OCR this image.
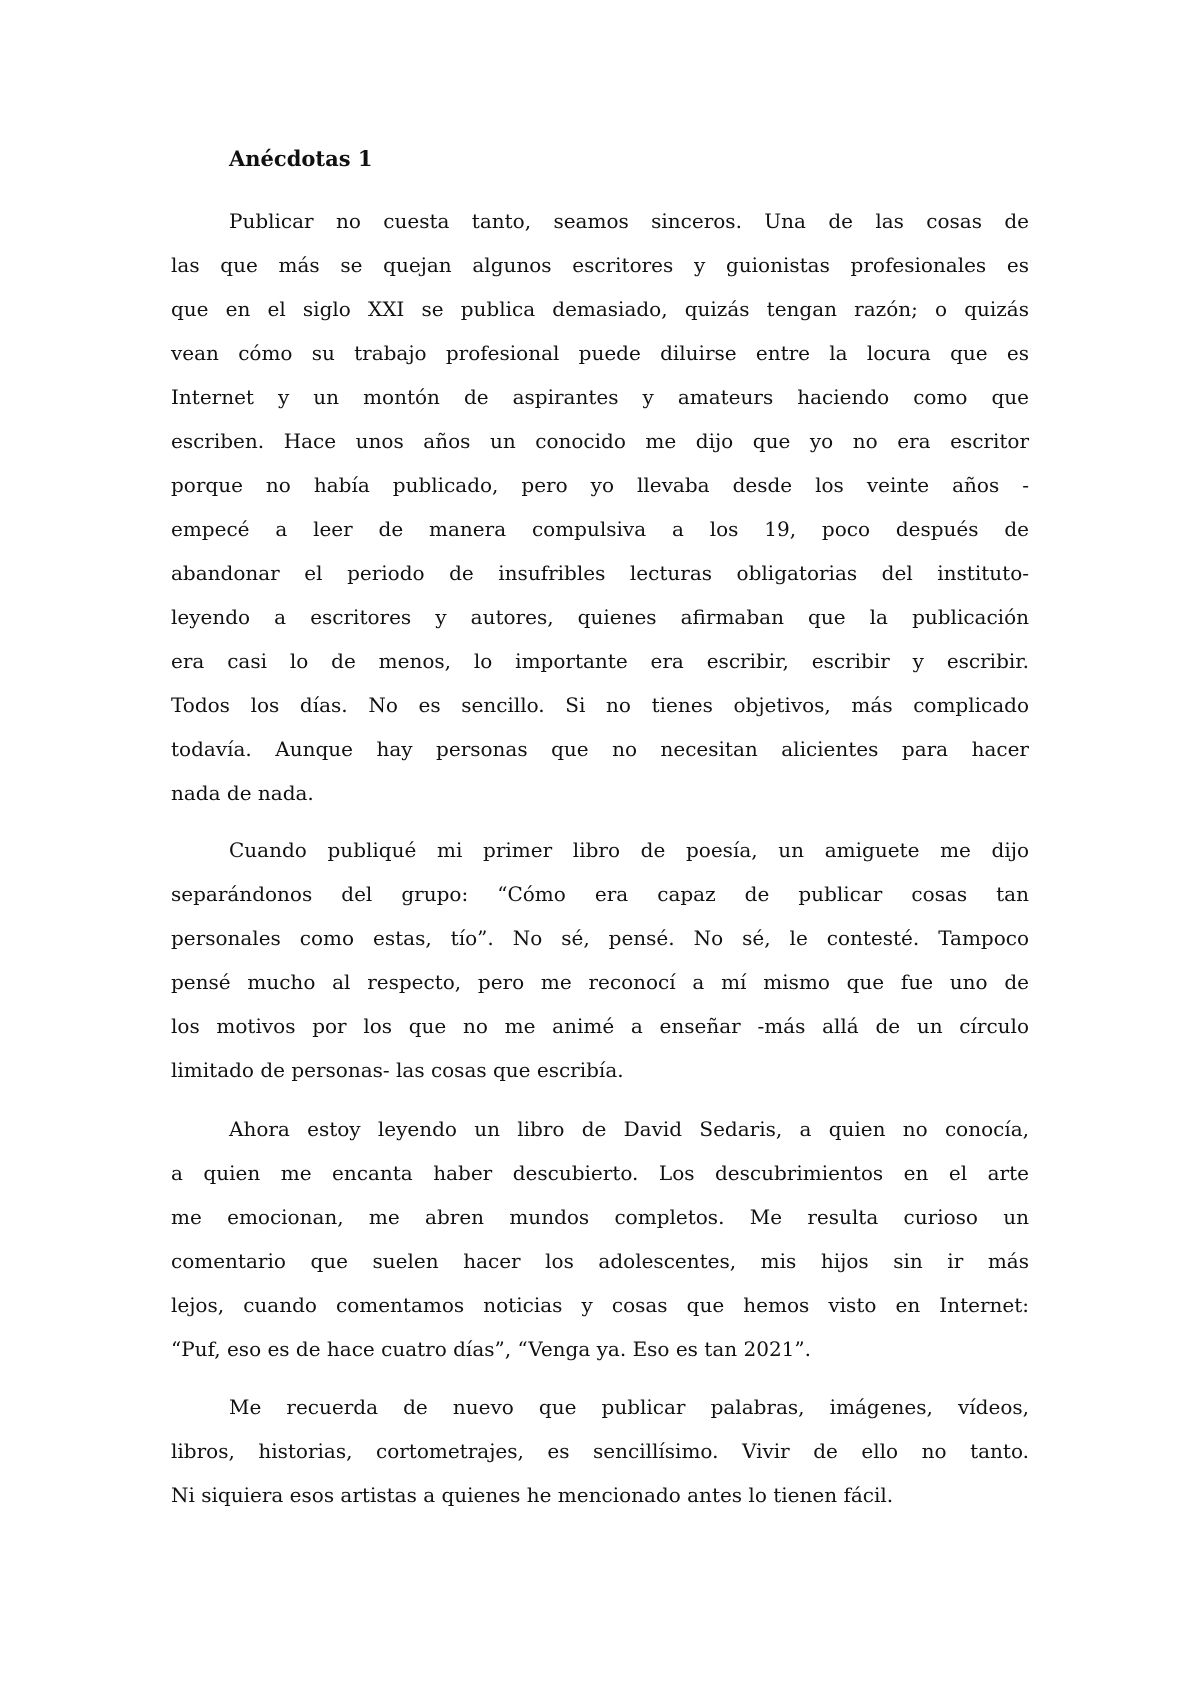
Anécdotas 1
Publicar no cuesta tanto, seamos sinceros. Una de las cosas de
las que más se quejan algunos escritores y guionistas profesionales es
que en el siglo XXI se publica demasiado, quizás tengan razón; o quizás
vean cómo su trabajo profesional puede diluirse entre la locura que es
Internet y un montón de aspirantes y amateurs haciendo como que
escriben. Hace unos años un conocido me dijo que yo no era escritor
porque no había publicado, pero yo llevaba desde los veinte años -
empecé a leer de manera compulsiva a los 19, poco después de
abandonar el periodo de insufribles lecturas obligatorias del instituto-
leyendo a escritores y autores, quienes afirmaban que la publicación
era casi lo de menos, lo importante era escribir, escribir y escribir.
Todos los días. No es sencillo. Si no tienes objetivos, más complicado
todavía. Aunque hay personas que no necesitan alicientes para hacer
nada de nada.
Cuando publiqué mi primer libro de poesía, un amiguete me dijo
separándonos del grupo: “Cómo era capaz de publicar cosas tan
personales como estas, tío”. No sé, pensé. No sé, le contesté. Tampoco
pensé mucho al respecto, pero me reconocí a mí mismo que fue uno de
los motivos por los que no me animé a enseñar -más allá de un círculo
limitado de personas- las cosas que escribía.
Ahora estoy leyendo un libro de David Sedaris, a quien no conocía,
a quien me encanta haber descubierto. Los descubrimientos en el arte
me emocionan, me abren mundos completos. Me resulta curioso un
comentario que suelen hacer los adolescentes, mis hijos sin ir más
lejos, cuando comentamos noticias y cosas que hemos visto en Internet:
“Puf, eso es de hace cuatro días”, “Venga ya. Eso es tan 2021”.
Me recuerda de nuevo que publicar palabras, imágenes, vídeos,
libros, historias, cortometrajes, es sencillísimo. Vivir de ello no tanto.
Ni siquiera esos artistas a quienes he mencionado antes lo tienen fácil.
